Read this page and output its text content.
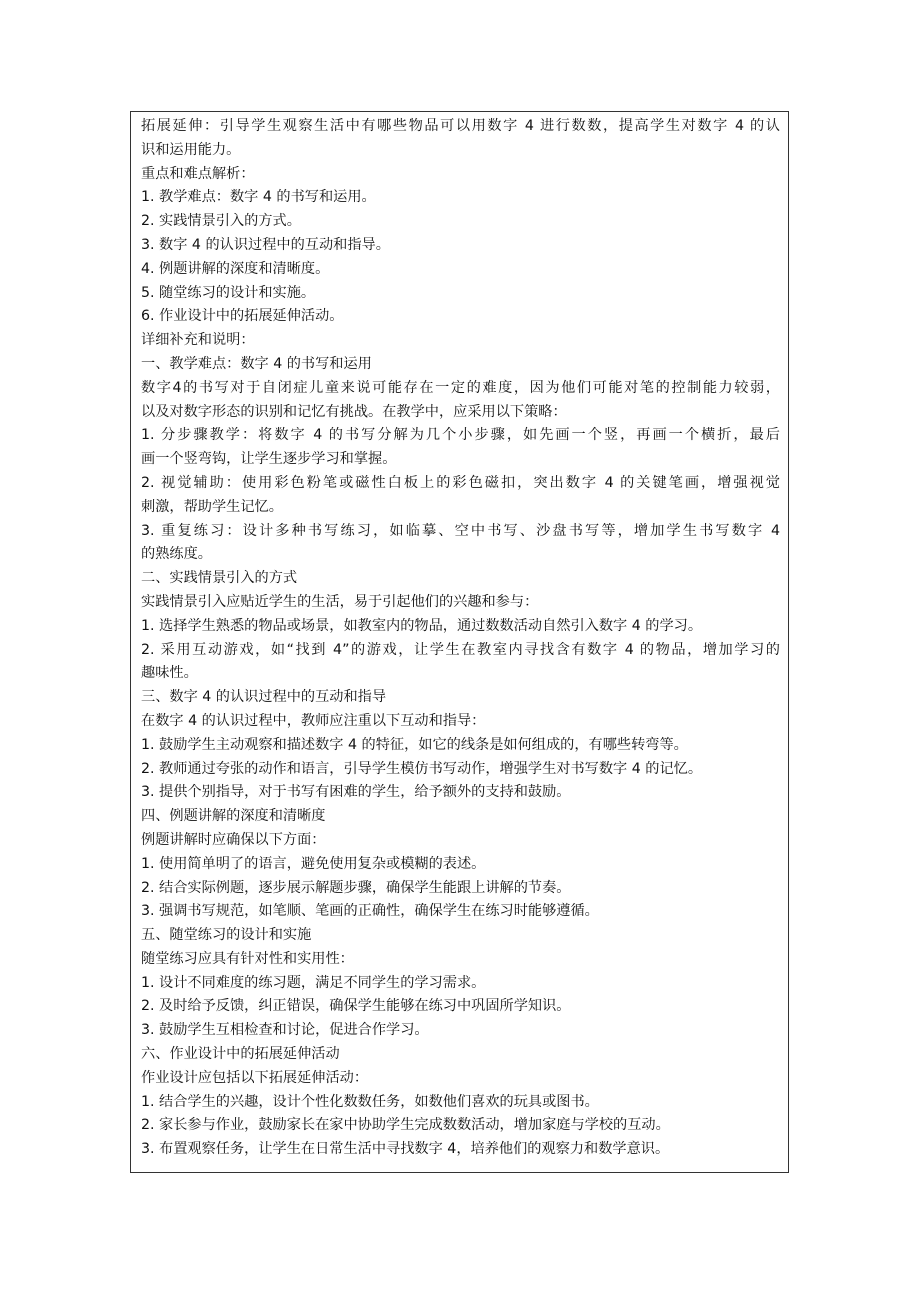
拓展延伸：引导学生观察生活中有哪些物品可以用数字 4 进行数数，提高学生对数字 4 的认
识和运用能力。
重点和难点解析：
1. 教学难点：数字 4 的书写和运用。
2. 实践情景引入的方式。
3. 数字 4 的认识过程中的互动和指导。
4. 例题讲解的深度和清晰度。
5. 随堂练习的设计和实施。
6. 作业设计中的拓展延伸活动。
详细补充和说明：
一、教学难点：数字 4 的书写和运用
数字4的书写对于自闭症儿童来说可能存在一定的难度，因为他们可能对笔的控制能力较弱，
以及对数字形态的识别和记忆有挑战。在教学中，应采用以下策略：
1. 分步骤教学：将数字 4 的书写分解为几个小步骤，如先画一个竖，再画一个横折，最后
画一个竖弯钩，让学生逐步学习和掌握。
2. 视觉辅助：使用彩色粉笔或磁性白板上的彩色磁扣，突出数字 4 的关键笔画，增强视觉
刺激，帮助学生记忆。
3. 重复练习：设计多种书写练习，如临摹、空中书写、沙盘书写等，增加学生书写数字 4
的熟练度。
二、实践情景引入的方式
实践情景引入应贴近学生的生活，易于引起他们的兴趣和参与：
1. 选择学生熟悉的物品或场景，如教室内的物品，通过数数活动自然引入数字 4 的学习。
2. 采用互动游戏，如“找到 4”的游戏，让学生在教室内寻找含有数字 4 的物品，增加学习的
趣味性。
三、数字 4 的认识过程中的互动和指导
在数字 4 的认识过程中，教师应注重以下互动和指导：
1. 鼓励学生主动观察和描述数字 4 的特征，如它的线条是如何组成的，有哪些转弯等。
2. 教师通过夸张的动作和语言，引导学生模仿书写动作，增强学生对书写数字 4 的记忆。
3. 提供个别指导，对于书写有困难的学生，给予额外的支持和鼓励。
四、例题讲解的深度和清晰度
例题讲解时应确保以下方面：
1. 使用简单明了的语言，避免使用复杂或模糊的表述。
2. 结合实际例题，逐步展示解题步骤，确保学生能跟上讲解的节奏。
3. 强调书写规范，如笔顺、笔画的正确性，确保学生在练习时能够遵循。
五、随堂练习的设计和实施
随堂练习应具有针对性和实用性：
1. 设计不同难度的练习题，满足不同学生的学习需求。
2. 及时给予反馈，纠正错误，确保学生能够在练习中巩固所学知识。
3. 鼓励学生互相检查和讨论，促进合作学习。
六、作业设计中的拓展延伸活动
作业设计应包括以下拓展延伸活动：
1. 结合学生的兴趣，设计个性化数数任务，如数他们喜欢的玩具或图书。
2. 家长参与作业，鼓励家长在家中协助学生完成数数活动，增加家庭与学校的互动。
3. 布置观察任务，让学生在日常生活中寻找数字 4，培养他们的观察力和数学意识。
